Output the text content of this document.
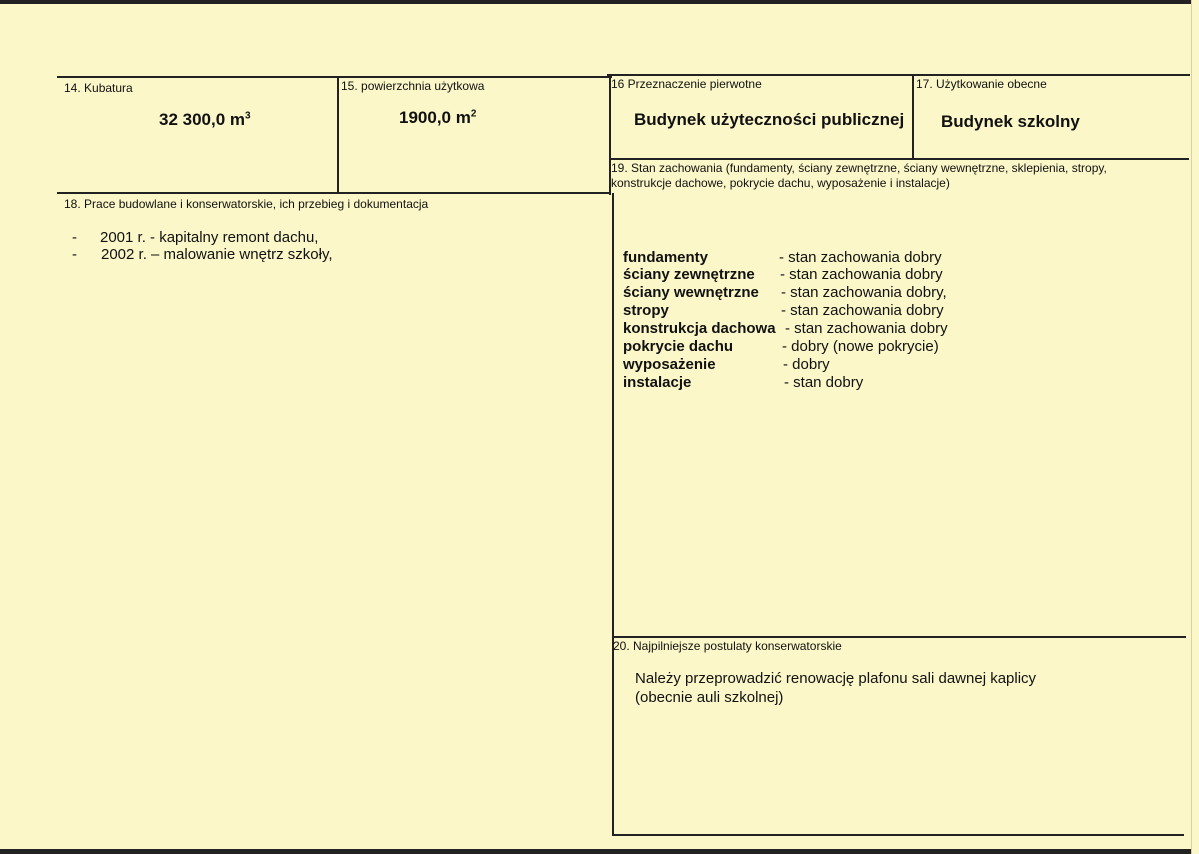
14. Kubatura
32 300,0 $m^3$
15. powierzchnia użytkowa
1900,0 $m^2$
16 Przeznaczenie pierwotne
Budynek użyteczności publicznej
17. Użytkowanie obecne
Budynek szkolny
18. Prace budowlane i konserwatorskie, ich przebieg i dokumentacja
- 2001 r. - kapitalny remont dachu,
- 2002 r. – malowanie wnętrz szkoły,
19. Stan zachowania (fundamenty, ściany zewnętrzne, ściany wewnętrzne, sklepienia, stropy,
konstrukcje dachowe, pokrycie dachu, wyposażenie i instalacje)
fundamenty	- stan zachowania dobry
ściany zewnętrzne - stan zachowania dobry
ściany wewnętrzne - stan zachowania dobry,
stropy	- stan zachowania dobry
konstrukcja dachowa - stan zachowania dobry
pokrycie dachu	- dobry (nowe pokrycie)
wyposażenie	- dobry
instalacje	- stan dobry
20. Najpilniejsze postulaty konserwatorskie
Należy przeprowadzić renowację plafonu sali dawnej kaplicy
(obecnie auli szkolnej)
